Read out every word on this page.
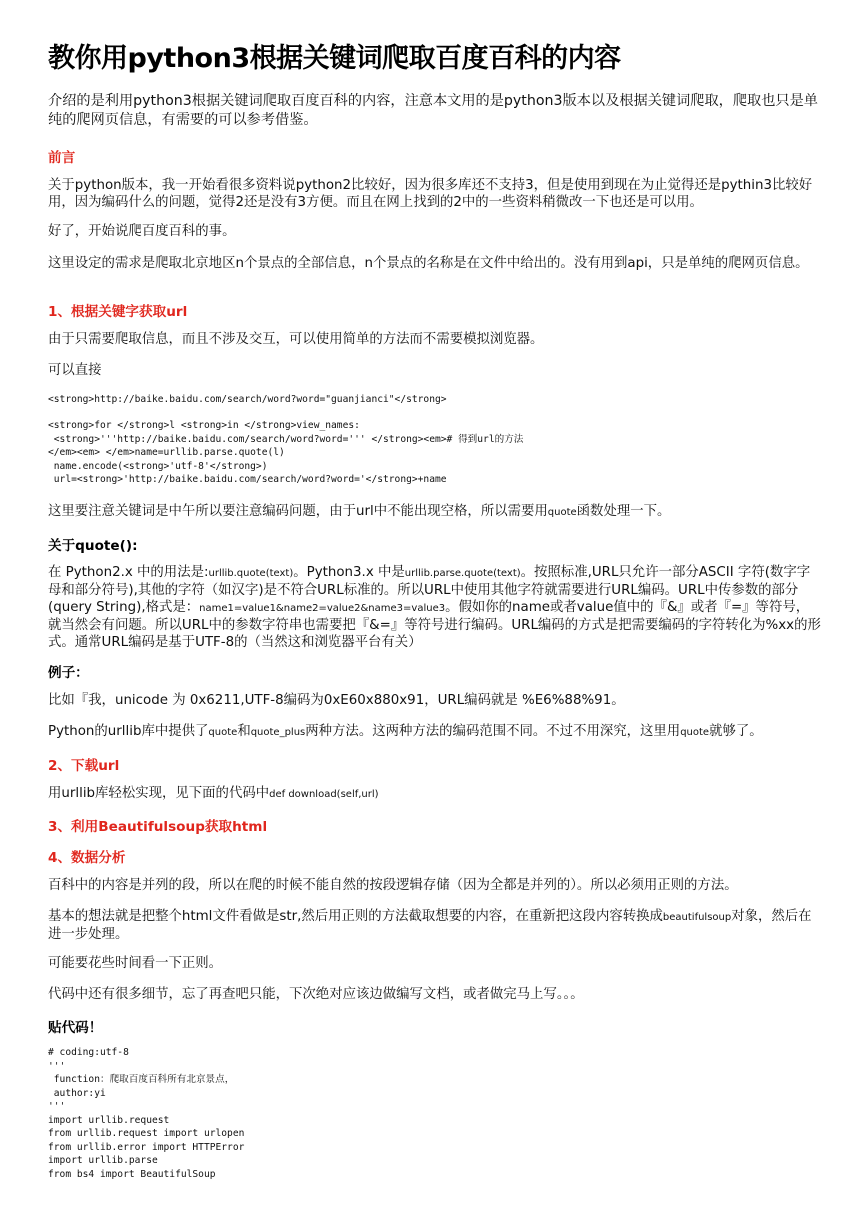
教你用python3根据关键词爬取百度百科的内容

介绍的是利用python3根据关键词爬取百度百科的内容，注意本文用的是python3版本以及根据关键词爬取，爬取也只是单纯的爬网页信息，有需要的可以参考借鉴。

前言

关于python版本，我一开始看很多资料说python2比较好，因为很多库还不支持3，但是使用到现在为止觉得还是pythin3比较好用，因为编码什么的问题，觉得2还是没有3方便。而且在网上找到的2中的一些资料稍微改一下也还是可以用。

好了，开始说爬百度百科的事。

这里设定的需求是爬取北京地区n个景点的全部信息，n个景点的名称是在文件中给出的。没有用到api，只是单纯的爬网页信息。

1、根据关键字获取url

由于只需要爬取信息，而且不涉及交互，可以使用简单的方法而不需要模拟浏览器。

可以直接

<strong>http://baike.baidu.com/search/word?word="guanjianci"</strong>
<strong>for </strong>l <strong>in </strong>view_names:
<strong>'''http://baike.baidu.com/search/word?word=''' </strong><em># 得到url的方法
</em><em> </em>name=urllib.parse.quote(l)
name.encode(<strong>'utf-8'</strong>)
url=<strong>'http://baike.baidu.com/search/word?word='</strong>+name

这里要注意关键词是中午所以要注意编码问题，由于url中不能出现空格，所以需要用quote函数处理一下。

关于quote():

在 Python2.x 中的用法是:urllib.quote(text)。Python3.x 中是urllib.parse.quote(text)。按照标准,URL只允许一部分ASCII 字符(数字字母和部分符号),其他的字符（如汉字)是不符合URL标准的。所以URL中使用其他字符就需要进行URL编码。URL中传参数的部分(query String),格式是：name1=value1&name2=value2&name3=value3。假如你的name或者value值中的『&』或者『=』等符号，就当然会有问题。所以URL中的参数字符串也需要把『&=』等符号进行编码。URL编码的方式是把需要编码的字符转化为%xx的形式。通常URL编码是基于UTF-8的（当然这和浏览器平台有关）

例子：

比如『我，unicode 为 0x6211,UTF-8编码为0xE60x880x91，URL编码就是 %E6%88%91。

Python的urllib库中提供了quote和quote_plus两种方法。这两种方法的编码范围不同。不过不用深究，这里用quote就够了。

2、下载url

用urllib库轻松实现，见下面的代码中def download(self,url)

3、利用Beautifulsoup获取html

4、数据分析

百科中的内容是并列的段，所以在爬的时候不能自然的按段逻辑存储（因为全都是并列的）。所以必须用正则的方法。

基本的想法就是把整个html文件看做是str,然后用正则的方法截取想要的内容，在重新把这段内容转换成beautifulsoup对象，然后在进一步处理。

可能要花些时间看一下正则。

代码中还有很多细节，忘了再查吧只能，下次绝对应该边做编写文档，或者做完马上写。。。

贴代码！

# coding:utf-8
'''
function：爬取百度百科所有北京景点，
author:yi
'''
import urllib.request
from urllib.request import urlopen
from urllib.error import HTTPError
import urllib.parse
from bs4 import BeautifulSoup
